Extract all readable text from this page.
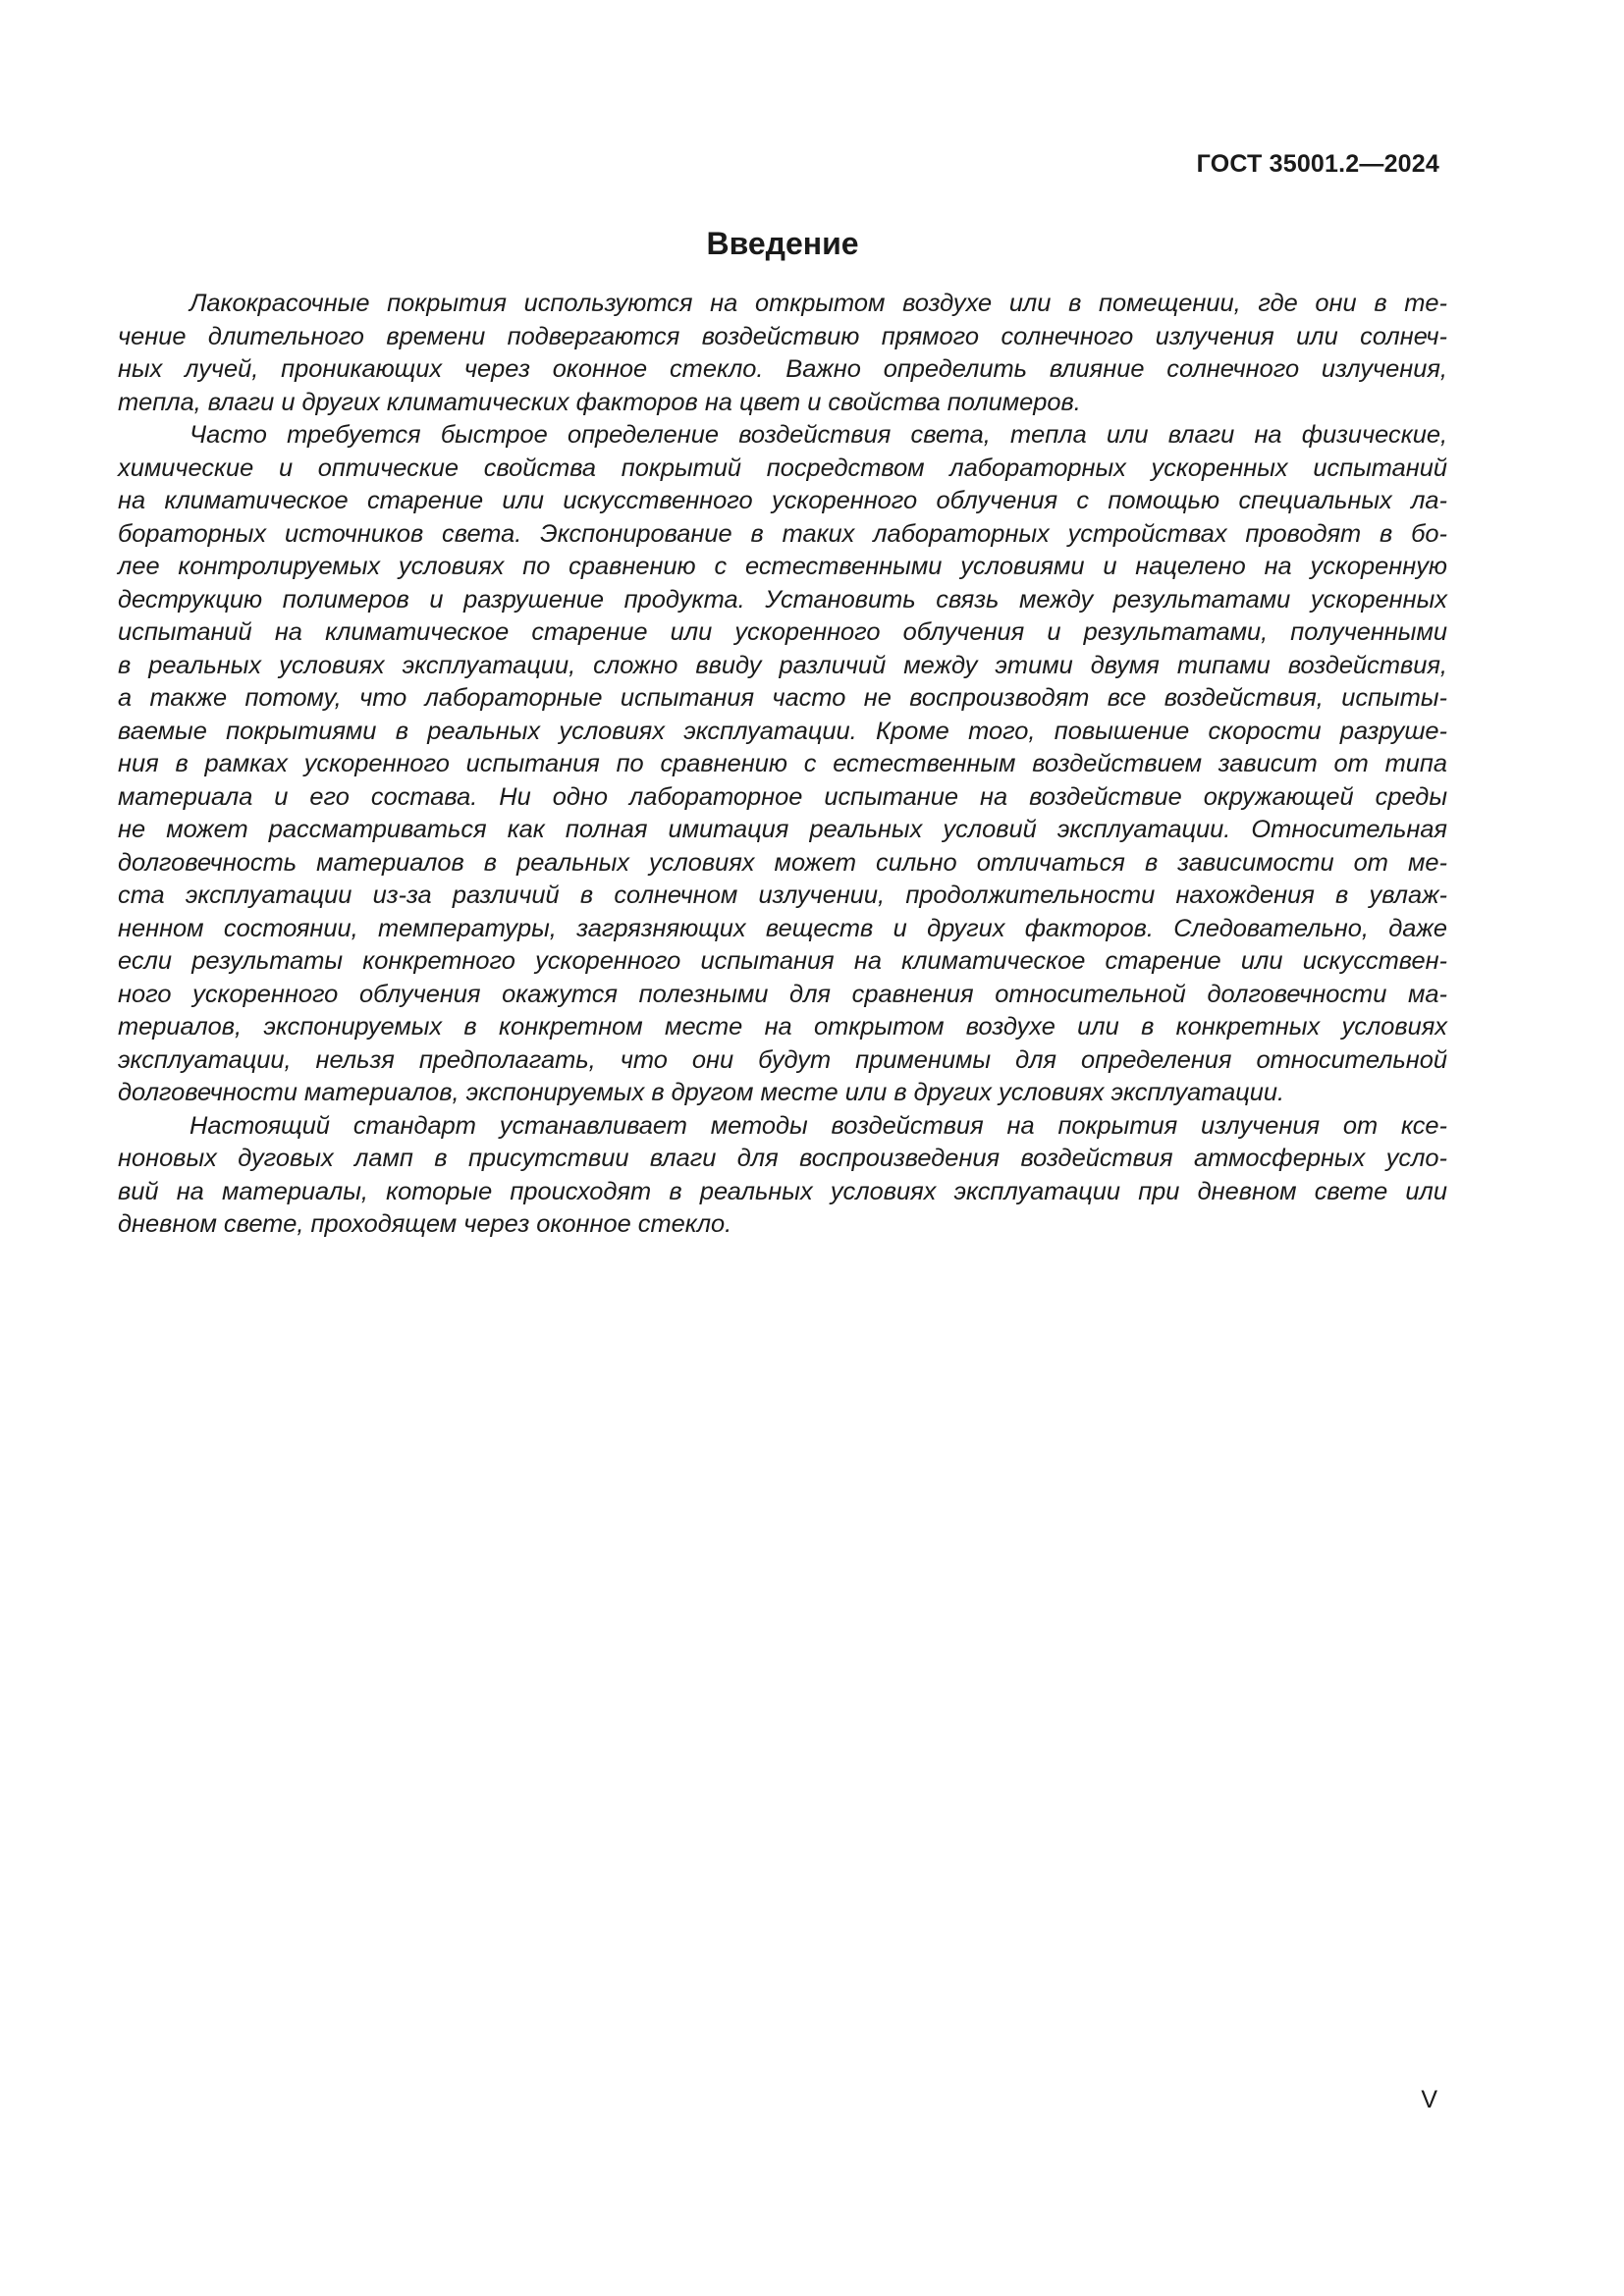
ГОСТ 35001.2—2024
Введение
Лакокрасочные покрытия используются на открытом воздухе или в помещении, где они в те-
чение длительного времени подвергаются воздействию прямого солнечного излучения или солнеч-
ных лучей, проникающих через оконное стекло. Важно определить влияние солнечного излучения,
тепла, влаги и других климатических факторов на цвет и свойства полимеров.
Часто требуется быстрое определение воздействия света, тепла или влаги на физические,
химические и оптические свойства покрытий посредством лабораторных ускоренных испытаний
на климатическое старение или искусственного ускоренного облучения с помощью специальных ла-
бораторных источников света. Экспонирование в таких лабораторных устройствах проводят в бо-
лее контролируемых условиях по сравнению с естественными условиями и нацелено на ускоренную
деструкцию полимеров и разрушение продукта. Установить связь между результатами ускоренных
испытаний на климатическое старение или ускоренного облучения и результатами, полученными
в реальных условиях эксплуатации, сложно ввиду различий между этими двумя типами воздействия,
а также потому, что лабораторные испытания часто не воспроизводят все воздействия, испыты-
ваемые покрытиями в реальных условиях эксплуатации. Кроме того, повышение скорости разруше-
ния в рамках ускоренного испытания по сравнению с естественным воздействием зависит от типа
материала и его состава. Ни одно лабораторное испытание на воздействие окружающей среды
не может рассматриваться как полная имитация реальных условий эксплуатации. Относительная
долговечность материалов в реальных условиях может сильно отличаться в зависимости от ме-
ста эксплуатации из-за различий в солнечном излучении, продолжительности нахождения в увлаж-
ненном состоянии, температуры, загрязняющих веществ и других факторов. Следовательно, даже
если результаты конкретного ускоренного испытания на климатическое старение или искусствен-
ного ускоренного облучения окажутся полезными для сравнения относительной долговечности ма-
териалов, экспонируемых в конкретном месте на открытом воздухе или в конкретных условиях
эксплуатации, нельзя предполагать, что они будут применимы для определения относительной
долговечности материалов, экспонируемых в другом месте или в других условиях эксплуатации.
Настоящий стандарт устанавливает методы воздействия на покрытия излучения от ксе-
ноновых дуговых ламп в присутствии влаги для воспроизведения воздействия атмосферных усло-
вий на материалы, которые происходят в реальных условиях эксплуатации при дневном свете или
дневном свете, проходящем через оконное стекло.
V
